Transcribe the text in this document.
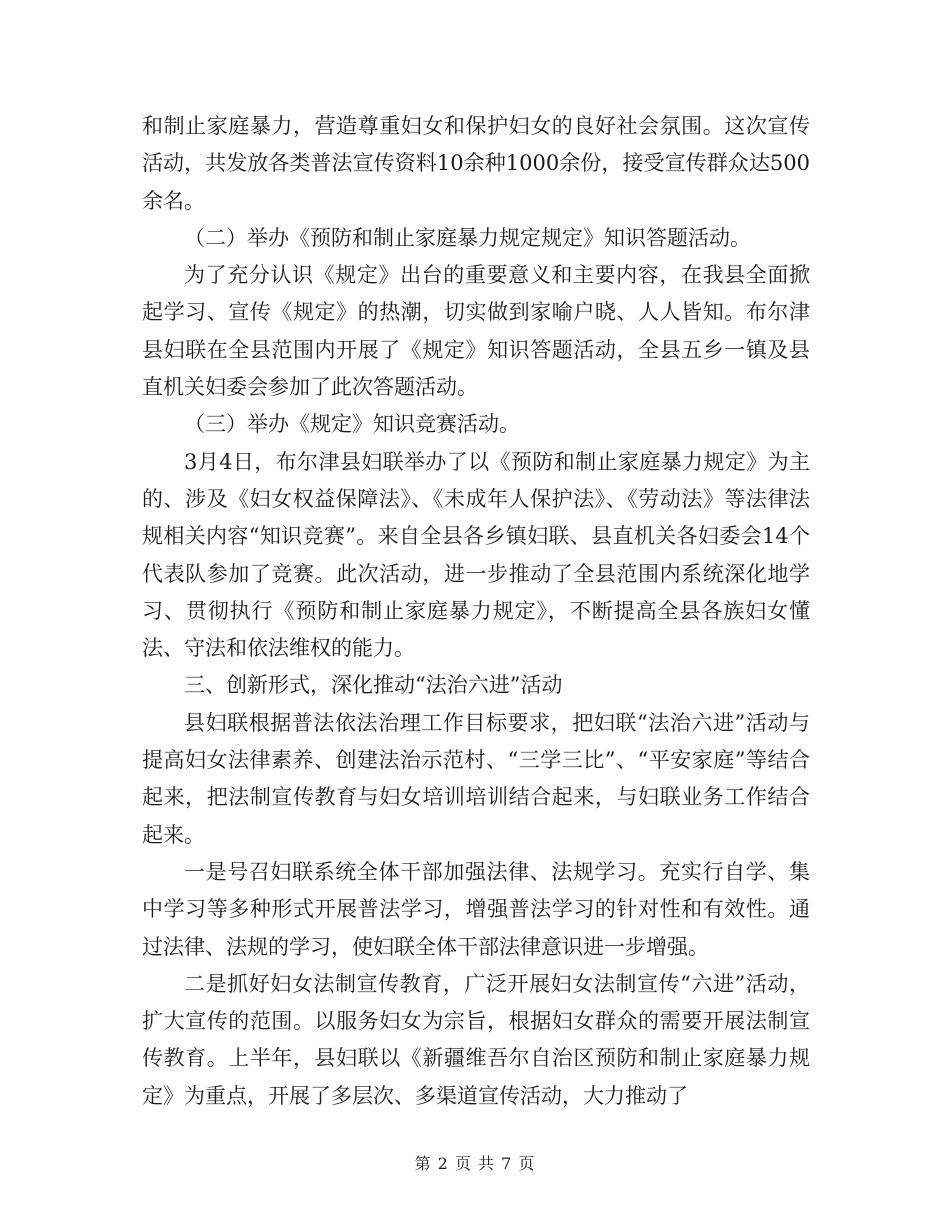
和制止家庭暴力，营造尊重妇女和保护妇女的良好社会氛围。这次宣传活动，共发放各类普法宣传资料10余种1000余份，接受宣传群众达500余名。

（二）举办《预防和制止家庭暴力规定规定》知识答题活动。

为了充分认识《规定》出台的重要意义和主要内容，在我县全面掀起学习、宣传《规定》的热潮，切实做到家喻户晓、人人皆知。布尔津县妇联在全县范围内开展了《规定》知识答题活动，全县五乡一镇及县直机关妇委会参加了此次答题活动。

（三）举办《规定》知识竞赛活动。

3月4日，布尔津县妇联举办了以《预防和制止家庭暴力规定》为主的、涉及《妇女权益保障法》、《未成年人保护法》、《劳动法》等法律法规相关内容“知识竞赛”。来自全县各乡镇妇联、县直机关各妇委会14个代表队参加了竞赛。此次活动，进一步推动了全县范围内系统深化地学习、贯彻执行《预防和制止家庭暴力规定》，不断提高全县各族妇女懂法、守法和依法维权的能力。

三、创新形式，深化推动“法治六进”活动

县妇联根据普法依法治理工作目标要求，把妇联“法治六进”活动与提高妇女法律素养、创建法治示范村、“三学三比”、“平安家庭”等结合起来，把法制宣传教育与妇女培训培训结合起来，与妇联业务工作结合起来。

一是号召妇联系统全体干部加强法律、法规学习。充实行自学、集中学习等多种形式开展普法学习，增强普法学习的针对性和有效性。通过法律、法规的学习，使妇联全体干部法律意识进一步增强。

二是抓好妇女法制宣传教育，广泛开展妇女法制宣传“六进”活动，扩大宣传的范围。以服务妇女为宗旨，根据妇女群众的需要开展法制宣传教育。上半年，县妇联以《新疆维吾尔自治区预防和制止家庭暴力规定》为重点，开展了多层次、多渠道宣传活动，大力推动了

第 2 页 共 7 页
